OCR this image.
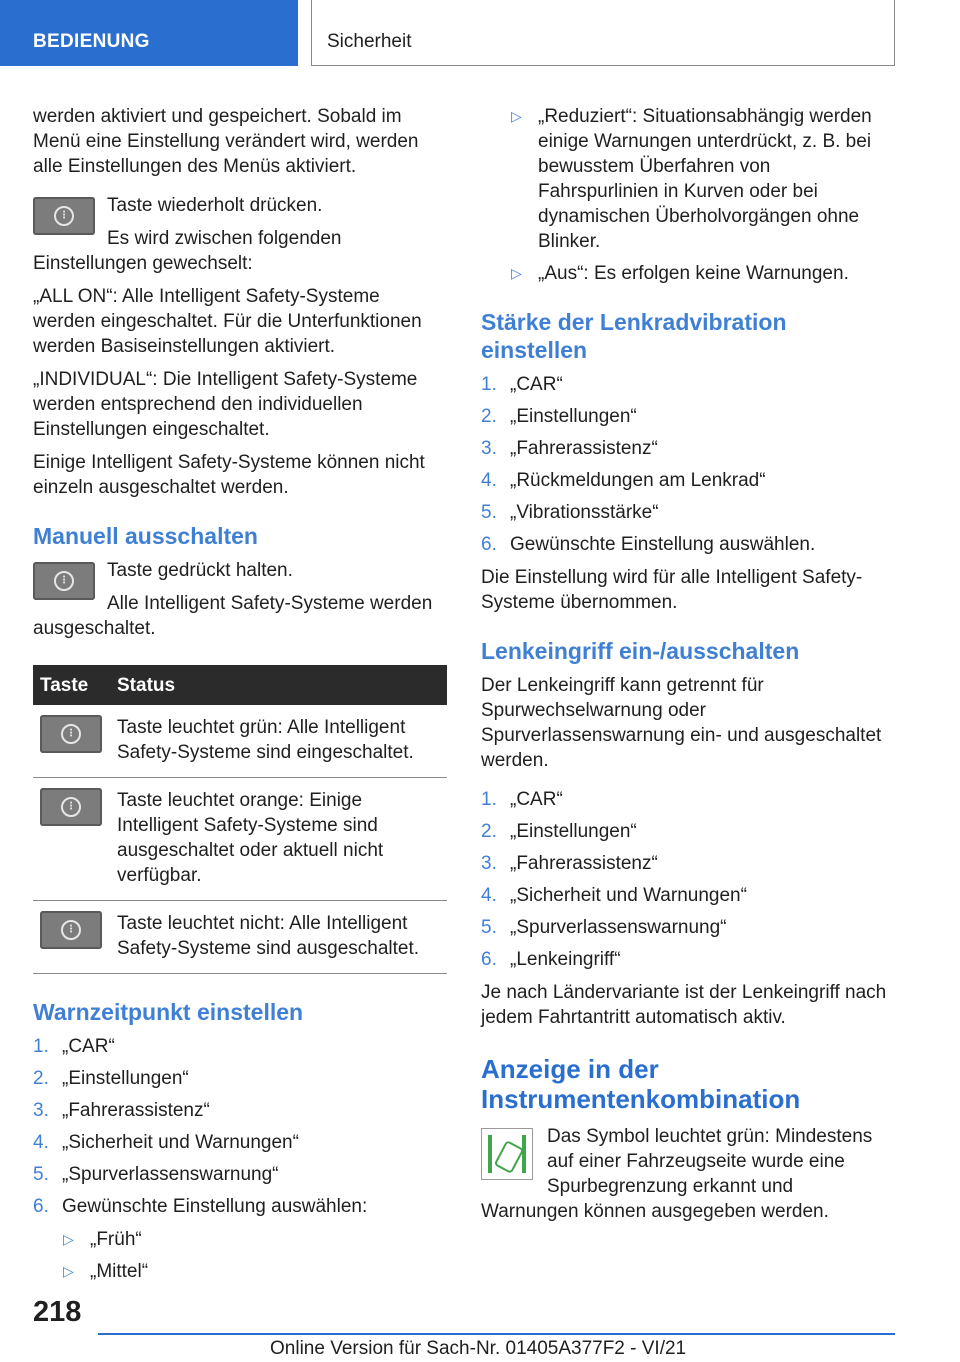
BEDIENUNG	Sicherheit

werden aktiviert und gespeichert. Sobald im Menü eine Einstellung verändert wird, werden alle Einstellungen des Menüs aktiviert.

⋮	Taste wiederholt drücken.

Es wird zwischen folgenden Einstellungen gewechselt:

„ALL ON“: Alle Intelligent Safety-Systeme werden eingeschaltet. Für die Unterfunktionen werden Basiseinstellungen aktiviert.

„INDIVIDUAL“: Die Intelligent Safety-Systeme werden entsprechend den individuellen Einstellungen eingeschaltet.

Einige Intelligent Safety-Systeme können nicht einzeln ausgeschaltet werden.

Manuell ausschalten
⋮	Taste gedrückt halten.

Alle Intelligent Safety-Systeme werden ausgeschaltet.

Taste	Status

⋮	Taste leuchtet grün: Alle Intelligent Safety-Systeme sind eingeschaltet.

⋮	Taste leuchtet orange: Einige Intelligent Safety-Systeme sind ausgeschaltet oder aktuell nicht verfügbar.

⋮	Taste leuchtet nicht: Alle Intelligent Safety-Systeme sind ausgeschaltet.
Warnzeitpunkt einstellen
1. „CAR“
2. „Einstellungen“
3. „Fahrerassistenz“
4. „Sicherheit und Warnungen“
5. „Spurverlassenswarnung“
6. Gewünschte Einstellung auswählen:
▷ „Früh“
▷ „Mittel“
▷ „Reduziert“: Situationsabhängig werden einige Warnungen unterdrückt, z. B. bei bewusstem Überfahren von Fahrspurlinien in Kurven oder bei dynamischen Überholvorgängen ohne Blinker.
▷ „Aus“: Es erfolgen keine Warnungen.
Stärke der Lenkradvibration einstellen
1. „CAR“
2. „Einstellungen“
3. „Fahrerassistenz“
4. „Rückmeldungen am Lenkrad“
5. „Vibrationsstärke“
6. Gewünschte Einstellung auswählen.

Die Einstellung wird für alle Intelligent Safety-Systeme übernommen.

Lenkeingriff ein-/ausschalten

Der Lenkeingriff kann getrennt für Spurwechselwarnung oder Spurverlassenswarnung ein- und ausgeschaltet werden.

1. „CAR“
2. „Einstellungen“
3. „Fahrerassistenz“
4. „Sicherheit und Warnungen“
5. „Spurverlassenswarnung“
6. „Lenkeingriff“

Je nach Ländervariante ist der Lenkeingriff nach jedem Fahrtantritt automatisch aktiv.

Anzeige in der Instrumentenkombination

Das Symbol leuchtet grün: Mindestens auf einer Fahrzeugseite wurde eine Spurbegrenzung erkannt und Warnungen können ausgegeben werden.

218
Online Version für Sach-Nr. 01405A377F2 - VI/21
